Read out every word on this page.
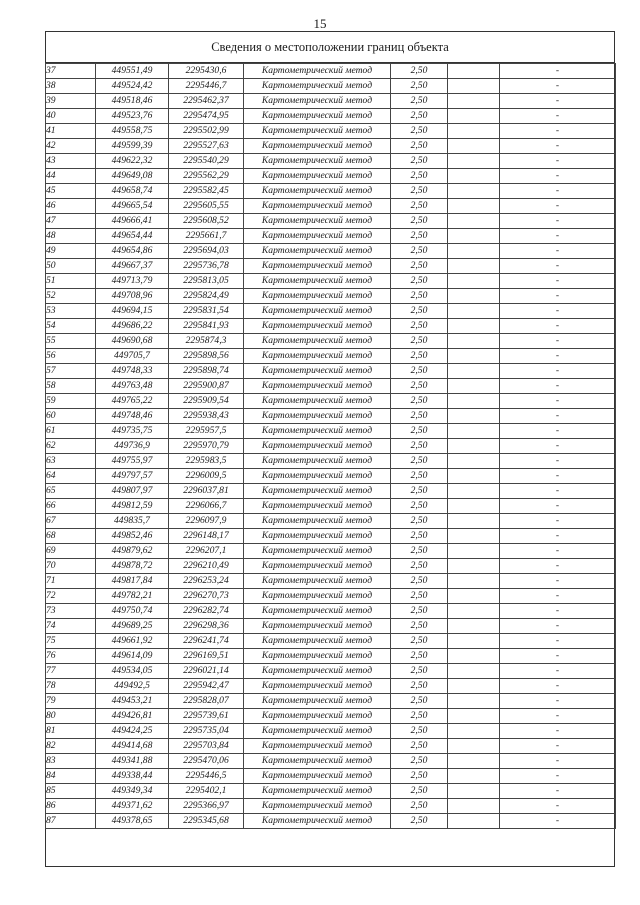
15
Сведения о местоположении границ объекта
37	449551,49	2295430,6	Картометрический метод	2,50		-
38	449524,42	2295446,7	Картометрический метод	2,50		-
39	449518,46	2295462,37	Картометрический метод	2,50		-
40	449523,76	2295474,95	Картометрический метод	2,50		-
41	449558,75	2295502,99	Картометрический метод	2,50		-
42	449599,39	2295527,63	Картометрический метод	2,50		-
43	449622,32	2295540,29	Картометрический метод	2,50		-
44	449649,08	2295562,29	Картометрический метод	2,50		-
45	449658,74	2295582,45	Картометрический метод	2,50		-
46	449665,54	2295605,55	Картометрический метод	2,50		-
47	449666,41	2295608,52	Картометрический метод	2,50		-
48	449654,44	2295661,7	Картометрический метод	2,50		-
49	449654,86	2295694,03	Картометрический метод	2,50		-
50	449667,37	2295736,78	Картометрический метод	2,50		-
51	449713,79	2295813,05	Картометрический метод	2,50		-
52	449708,96	2295824,49	Картометрический метод	2,50		-
53	449694,15	2295831,54	Картометрический метод	2,50		-
54	449686,22	2295841,93	Картометрический метод	2,50		-
55	449690,68	2295874,3	Картометрический метод	2,50		-
56	449705,7	2295898,56	Картометрический метод	2,50		-
57	449748,33	2295898,74	Картометрический метод	2,50		-
58	449763,48	2295900,87	Картометрический метод	2,50		-
59	449765,22	2295909,54	Картометрический метод	2,50		-
60	449748,46	2295938,43	Картометрический метод	2,50		-
61	449735,75	2295957,5	Картометрический метод	2,50		-
62	449736,9	2295970,79	Картометрический метод	2,50		-
63	449755,97	2295983,5	Картометрический метод	2,50		-
64	449797,57	2296009,5	Картометрический метод	2,50		-
65	449807,97	2296037,81	Картометрический метод	2,50		-
66	449812,59	2296066,7	Картометрический метод	2,50		-
67	449835,7	2296097,9	Картометрический метод	2,50		-
68	449852,46	2296148,17	Картометрический метод	2,50		-
69	449879,62	2296207,1	Картометрический метод	2,50		-
70	449878,72	2296210,49	Картометрический метод	2,50		-
71	449817,84	2296253,24	Картометрический метод	2,50		-
72	449782,21	2296270,73	Картометрический метод	2,50		-
73	449750,74	2296282,74	Картометрический метод	2,50		-
74	449689,25	2296298,36	Картометрический метод	2,50		-
75	449661,92	2296241,74	Картометрический метод	2,50		-
76	449614,09	2296169,51	Картометрический метод	2,50		-
77	449534,05	2296021,14	Картометрический метод	2,50		-
78	449492,5	2295942,47	Картометрический метод	2,50		-
79	449453,21	2295828,07	Картометрический метод	2,50		-
80	449426,81	2295739,61	Картометрический метод	2,50		-
81	449424,25	2295735,04	Картометрический метод	2,50		-
82	449414,68	2295703,84	Картометрический метод	2,50		-
83	449341,88	2295470,06	Картометрический метод	2,50		-
84	449338,44	2295446,5	Картометрический метод	2,50		-
85	449349,34	2295402,1	Картометрический метод	2,50		-
86	449371,62	2295366,97	Картометрический метод	2,50		-
87	449378,65	2295345,68	Картометрический метод	2,50		-
